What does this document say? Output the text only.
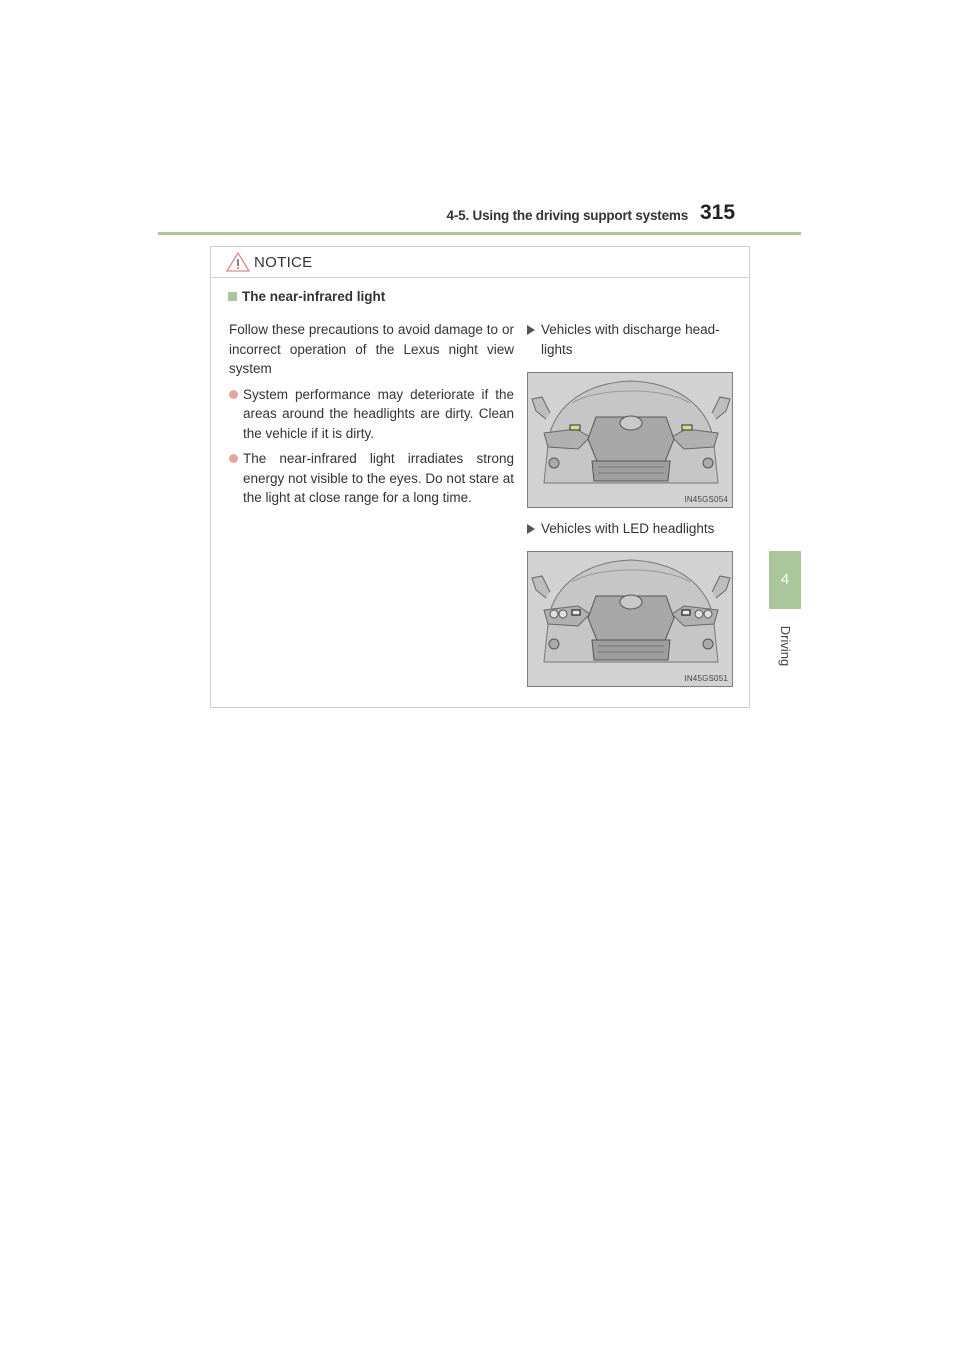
4-5. Using the driving support systems 315
4
Driving
NOTICE
The near-infrared light

Follow these precautions to avoid damage to or incorrect operation of the Lexus night view system

System performance may deteriorate if the areas around the headlights are dirty. Clean the vehicle if it is dirty.
The near-infrared light irradiates strong energy not visible to the eyes. Do not stare at the light at close range for a long time.
Vehicles with discharge head-
lights
IN45GS054
Vehicles with LED headlights
IN45GS051
